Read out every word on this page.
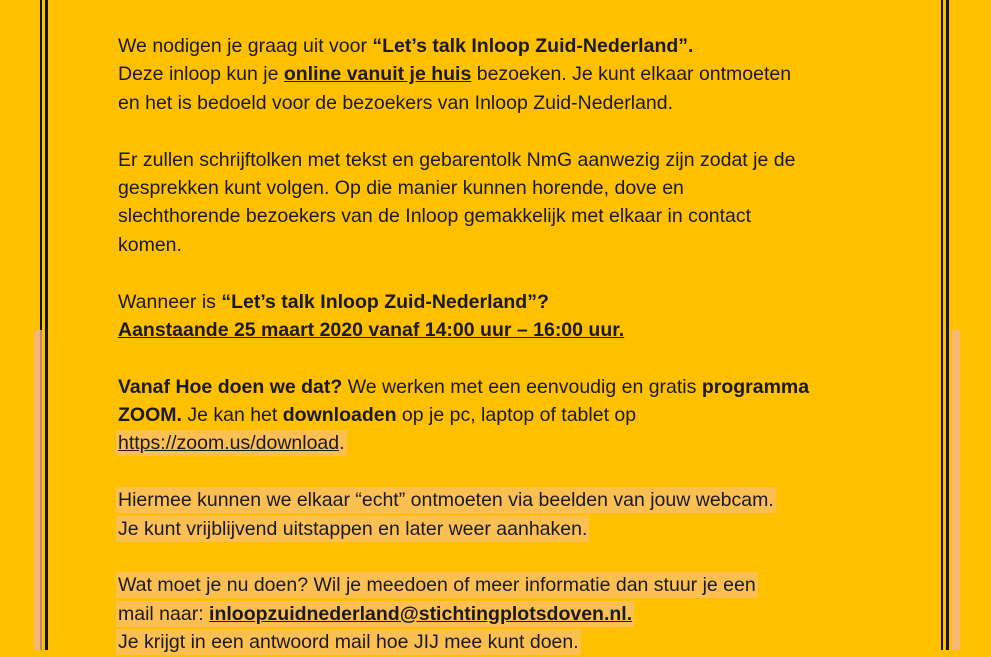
We nodigen je graag uit voor “Let’s talk Inloop Zuid-Nederland”.
Deze inloop kun je online vanuit je huis bezoeken. Je kunt elkaar ontmoeten
en het is bedoeld voor de bezoekers van Inloop Zuid-Nederland.
Er zullen schrijftolken met tekst en gebarentolk NmG aanwezig zijn zodat je de
gesprekken kunt volgen. Op die manier kunnen horende, dove en
slechthorende bezoekers van de Inloop gemakkelijk met elkaar in contact
komen.
Wanneer is “Let’s talk Inloop Zuid-Nederland”?
Aanstaande 25 maart 2020 vanaf 14:00 uur – 16:00 uur.
Vanaf Hoe doen we dat? We werken met een eenvoudig en gratis programma
ZOOM. Je kan het downloaden op je pc, laptop of tablet op
https://zoom.us/download.
Hiermee kunnen we elkaar “echt” ontmoeten via beelden van jouw webcam.
Je kunt vrijblijvend uitstappen en later weer aanhaken.
Wat moet je nu doen? Wil je meedoen of meer informatie dan stuur je een
mail naar: inloopzuidnederland@stichtingplotsdoven.nl.
Je krijgt in een antwoord mail hoe JIJ mee kunt doen.
